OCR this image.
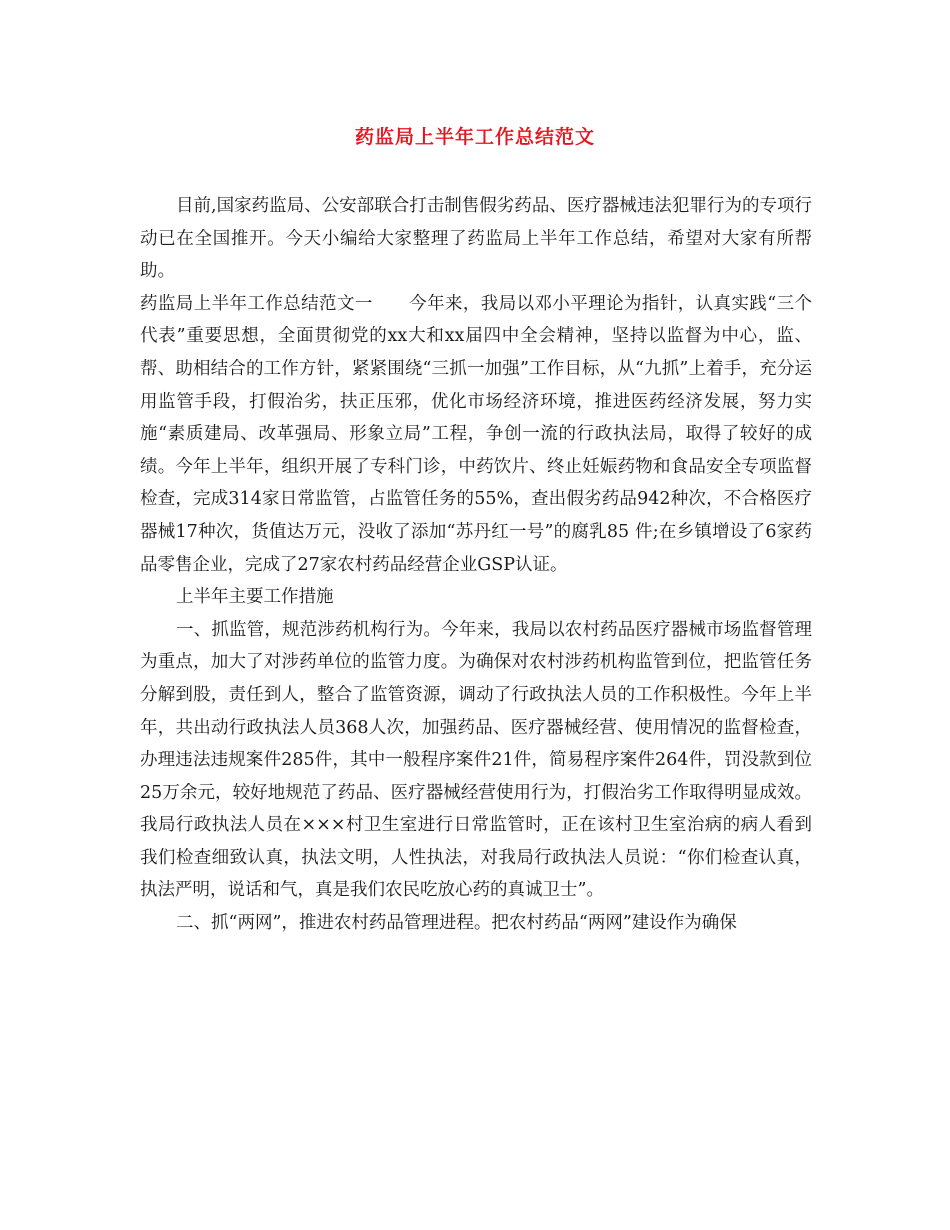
药监局上半年工作总结范文

目前,国家药监局、公安部联合打击制售假劣药品、医疗器械违法犯罪行为的专项行动已在全国推开。今天小编给大家整理了药监局上半年工作总结，希望对大家有所帮助。

药监局上半年工作总结范文一 今年来，我局以邓小平理论为指针，认真实践“三个代表”重要思想，全面贯彻党的xx大和xx届四中全会精神，坚持以监督为中心，监、帮、助相结合的工作方针，紧紧围绕“三抓一加强”工作目标，从“九抓”上着手，充分运用监管手段，打假治劣，扶正压邪，优化市场经济环境，推进医药经济发展，努力实施“素质建局、改革强局、形象立局”工程，争创一流的行政执法局，取得了较好的成绩。今年上半年，组织开展了专科门诊，中药饮片、终止妊娠药物和食品安全专项监督检查，完成314家日常监管，占监管任务的55%，查出假劣药品942种次，不合格医疗器械17种次，货值达万元，没收了添加“苏丹红一号”的腐乳85 件;在乡镇增设了6家药品零售企业，完成了27家农村药品经营企业GSP认证。

上半年主要工作措施

一、抓监管，规范涉药机构行为。今年来，我局以农村药品医疗器械市场监督管理为重点，加大了对涉药单位的监管力度。为确保对农村涉药机构监管到位，把监管任务分解到股，责任到人，整合了监管资源，调动了行政执法人员的工作积极性。今年上半年，共出动行政执法人员368人次，加强药品、医疗器械经营、使用情况的监督检查，办理违法违规案件285件，其中一般程序案件21件，简易程序案件264件，罚没款到位25万余元，较好地规范了药品、医疗器械经营使用行为，打假治劣工作取得明显成效。我局行政执法人员在×××村卫生室进行日常监管时，正在该村卫生室治病的病人看到我们检查细致认真，执法文明，人性执法，对我局行政执法人员说：“你们检查认真，执法严明，说话和气，真是我们农民吃放心药的真诚卫士”。

二、抓“两网”，推进农村药品管理进程。把农村药品“两网”建设作为确保
